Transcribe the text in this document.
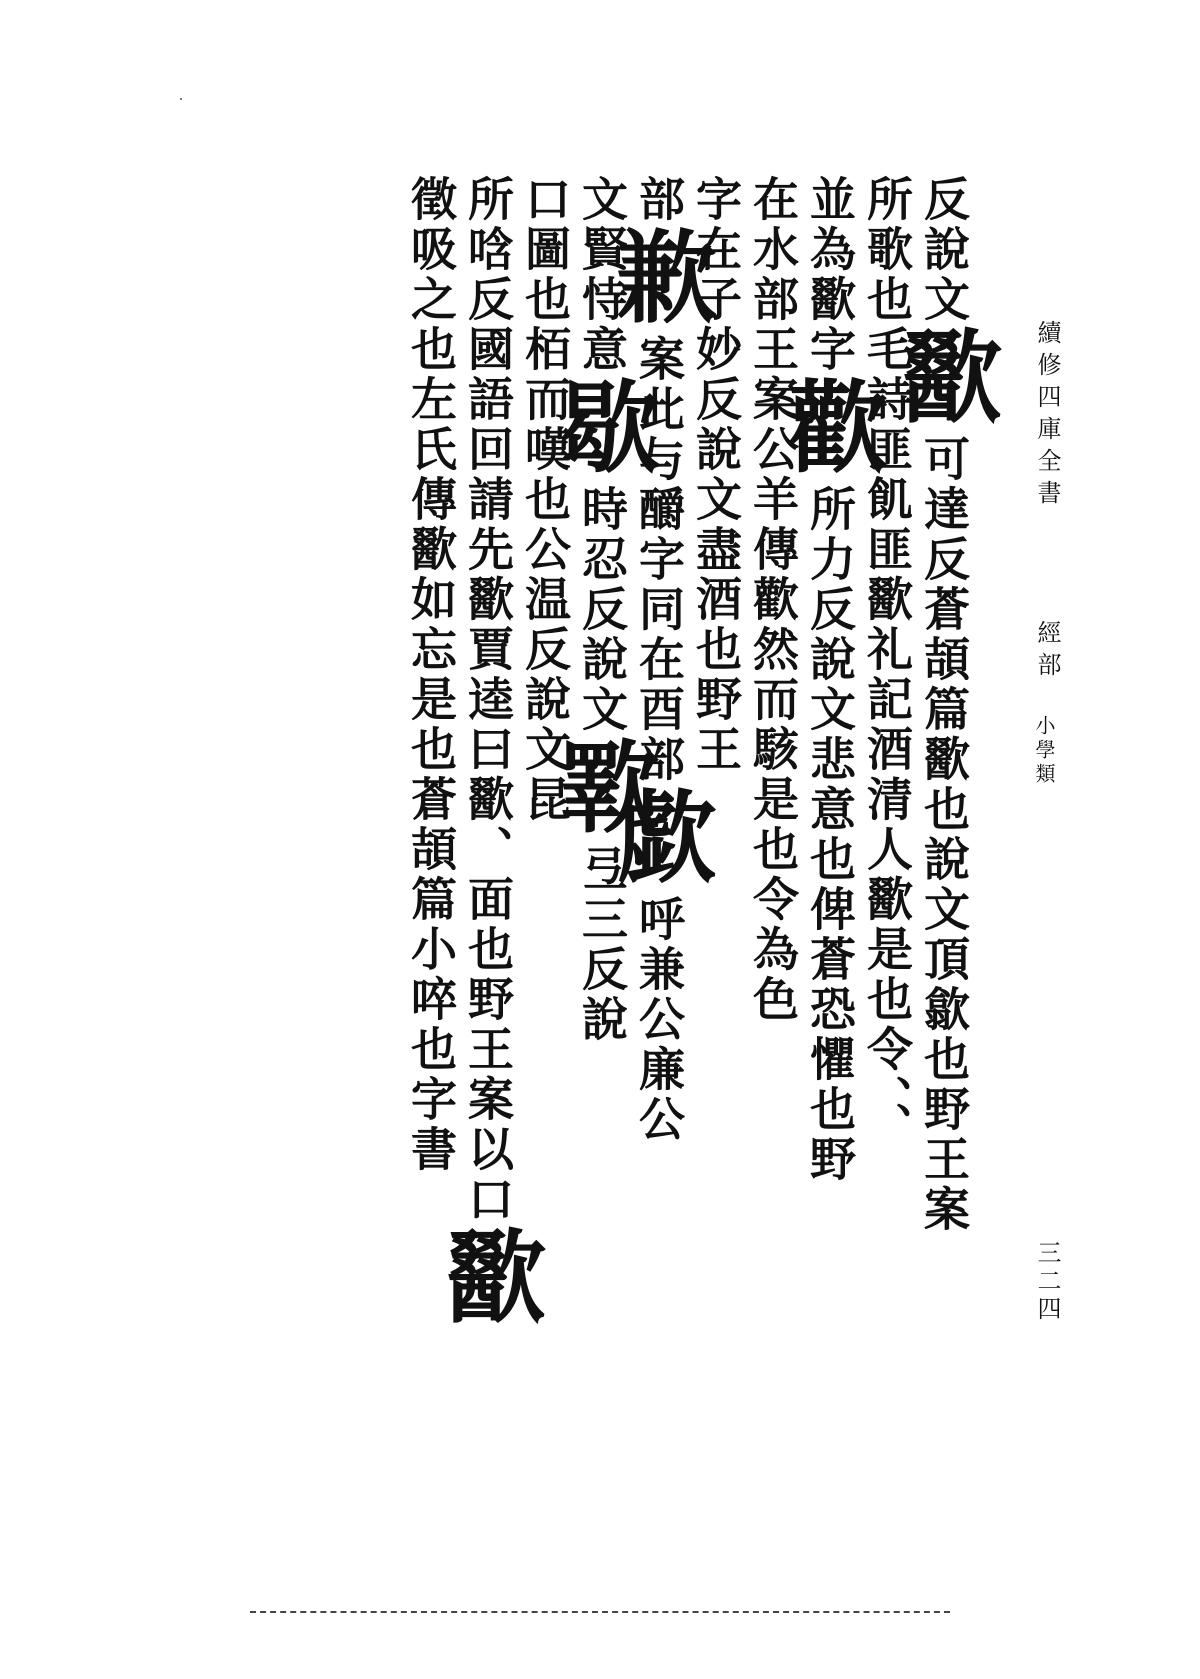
反說文歠可達反蒼頡篇歠也說文頂歙也野王案
所歌也毛詩匪飢匪歠礼記酒清人歠是也令、、
並為歠字歡所力反說文悲意也俾蒼恐懼也野
在水部王案公羊傳歡然而駭是也令為色
字在子妙反說文盡酒也野王
部歉案此与釂字同在酉部歔呼兼公廉公
文賢恃意歇時忍反說文歝弖三反說
口圖也栢而嘆也公温反說文昆
所唅反國語回請先歠賈逵曰歠、面也野王案以口歠
徵吸之也左氏傳歠如忘是也蒼頡篇小啐也字書	續修四庫全書
經部
小學類
三二四
